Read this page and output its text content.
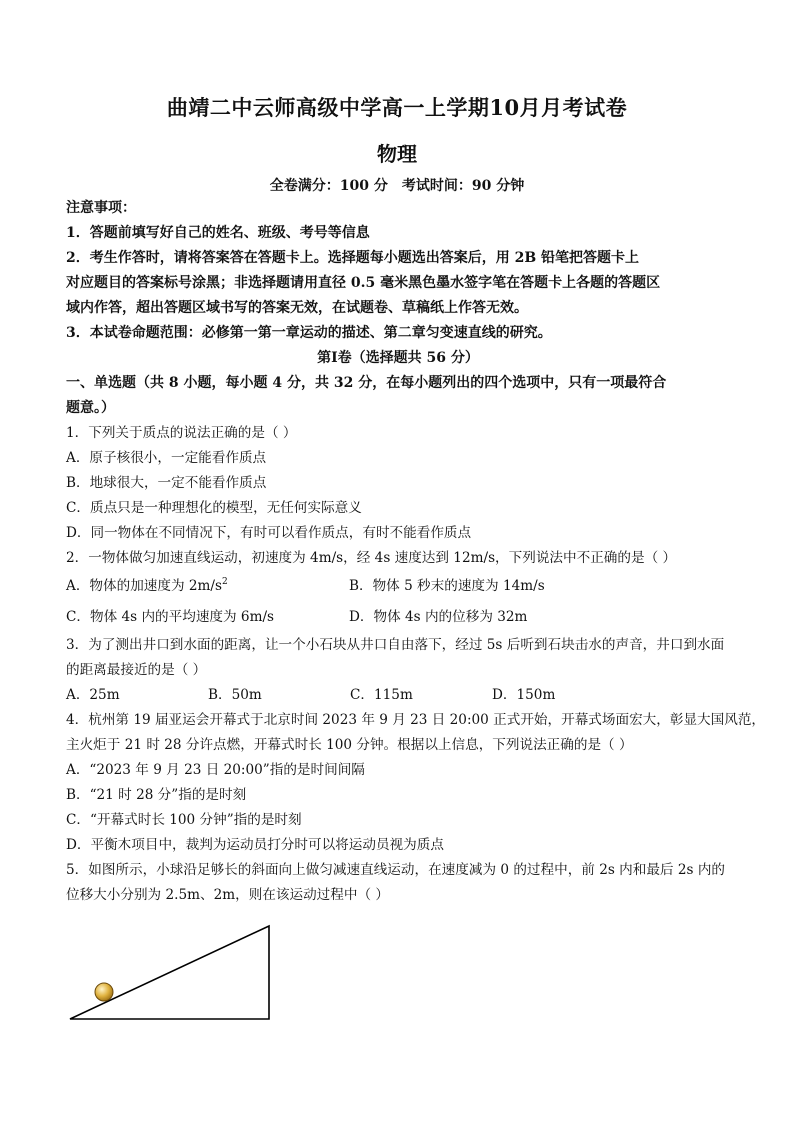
曲靖二中云师高级中学高一上学期10月月考试卷
物理
全卷满分：100 分 考试时间：90 分钟
注意事项：
1．答题前填写好自己的姓名、班级、考号等信息
2．考生作答时，请将答案答在答题卡上。选择题每小题选出答案后，用 2B 铅笔把答题卡上
对应题目的答案标号涂黑；非选择题请用直径 0.5 毫米黑色墨水签字笔在答题卡上各题的答题区
域内作答，超出答题区域书写的答案无效，在试题卷、草稿纸上作答无效。
3．本试卷命题范围：必修第一第一章运动的描述、第二章匀变速直线的研究。
第Ⅰ卷（选择题共 56 分）
一、单选题（共 8 小题，每小题 4 分，共 32 分，在每小题列出的四个选项中，只有一项最符合
题意。）
1．下列关于质点的说法正确的是（ ）
A．原子核很小，一定能看作质点
B．地球很大，一定不能看作质点
C．质点只是一种理想化的模型，无任何实际意义
D．同一物体在不同情况下，有时可以看作质点，有时不能看作质点
2．一物体做匀加速直线运动，初速度为 4m/s，经 4s 速度达到 12m/s，下列说法中不正确的是（ ）
A．物体的加速度为 $2m/s^2$	B．物体 5 秒末的速度为 14m/s
C．物体 4s 内的平均速度为 6m/s	D．物体 4s 内的位移为 32m
3．为了测出井口到水面的距离，让一个小石块从井口自由落下，经过 5s 后听到石块击水的声音，井口到水面
的距离最接近的是（ ）
A．25m	B．50m	C．115m	D．150m
4．杭州第 19 届亚运会开幕式于北京时间 2023 年 9 月 23 日 20:00 正式开始，开幕式场面宏大，彰显大国风范，
主火炬于 21 时 28 分许点燃，开幕式时长 100 分钟。根据以上信息，下列说法正确的是（ ）
A．“2023 年 9 月 23 日 20:00”指的是时间间隔
B．“21 时 28 分”指的是时刻
C．“开幕式时长 100 分钟”指的是时刻
D．平衡木项目中，裁判为运动员打分时可以将运动员视为质点
5．如图所示，小球沿足够长的斜面向上做匀减速直线运动，在速度减为 0 的过程中，前 2s 内和最后 2s 内的
位移大小分别为 2.5m、2m，则在该运动过程中（ ）
